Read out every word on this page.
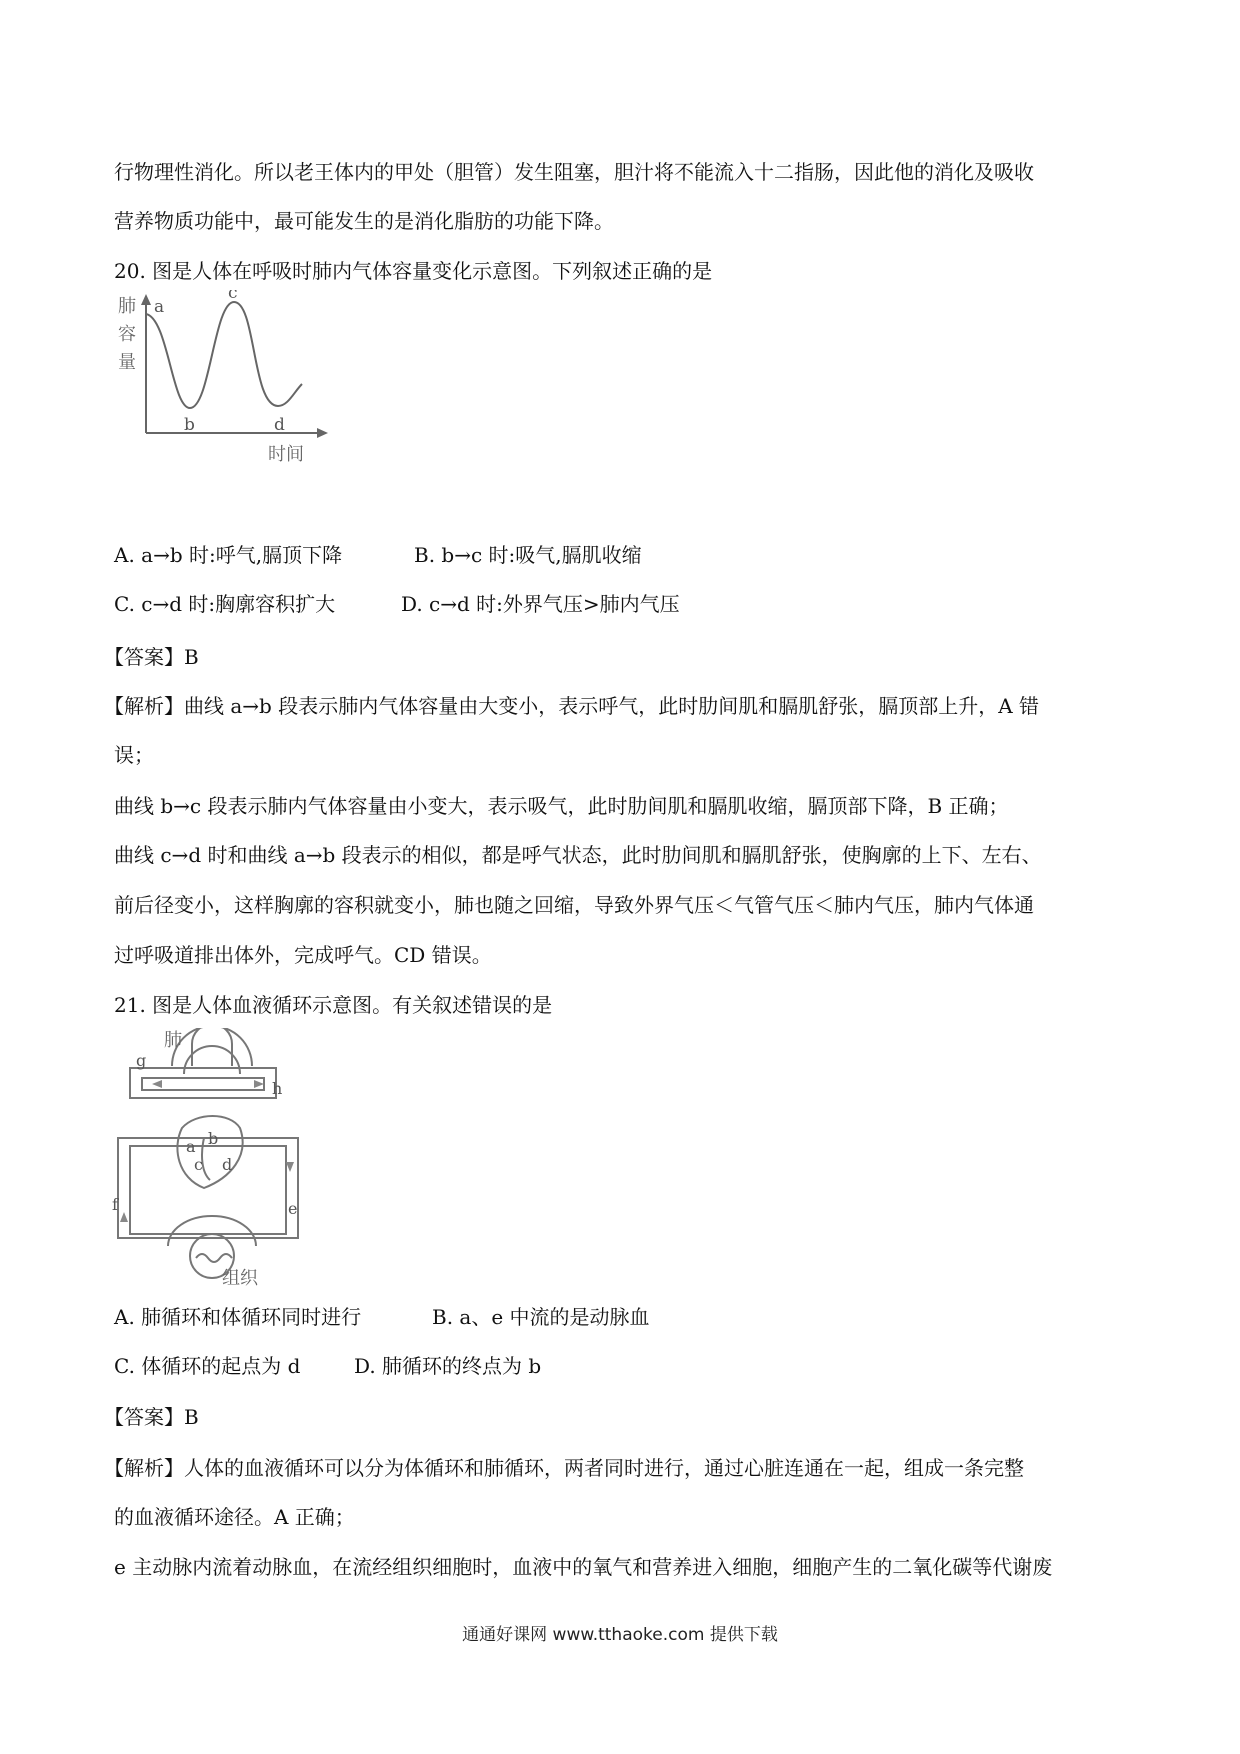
行物理性消化。所以老王体内的甲处（胆管）发生阻塞，胆汁将不能流入十二指肠，因此他的消化及吸收
营养物质功能中，最可能发生的是消化脂肪的功能下降。
20. 图是人体在呼吸时肺内气体容量变化示意图。下列叙述正确的是
肺
容
量
a
b
c
d
时间
A. a→b 时:呼气,膈顶下降	B. b→c 时:吸气,膈肌收缩
C. c→d 时:胸廓容积扩大	D. c→d 时:外界气压>肺内气压
【答案】B
【解析】曲线 a→b 段表示肺内气体容量由大变小，表示呼气，此时肋间肌和膈肌舒张，膈顶部上升，A 错
误；
曲线 b→c 段表示肺内气体容量由小变大，表示吸气，此时肋间肌和膈肌收缩，膈顶部下降，B 正确；
曲线 c→d 时和曲线 a→b 段表示的相似，都是呼气状态，此时肋间肌和膈肌舒张，使胸廓的上下、左右、
前后径变小，这样胸廓的容积就变小，肺也随之回缩，导致外界气压＜气管气压＜肺内气压，肺内气体通
过呼吸道排出体外，完成呼气。CD 错误。
21. 图是人体血液循环示意图。有关叙述错误的是
肺
组织
g
h
a b
c d
f	e
A. 肺循环和体循环同时进行	B. a、e 中流的是动脉血
C. 体循环的起点为 d	D. 肺循环的终点为 b
【答案】B
【解析】人体的血液循环可以分为体循环和肺循环，两者同时进行，通过心脏连通在一起，组成一条完整
的血液循环途径。A 正确；
e 主动脉内流着动脉血，在流经组织细胞时，血液中的氧气和营养进入细胞，细胞产生的二氧化碳等代谢废
通通好课网 www.tthaoke.com 提供下载
